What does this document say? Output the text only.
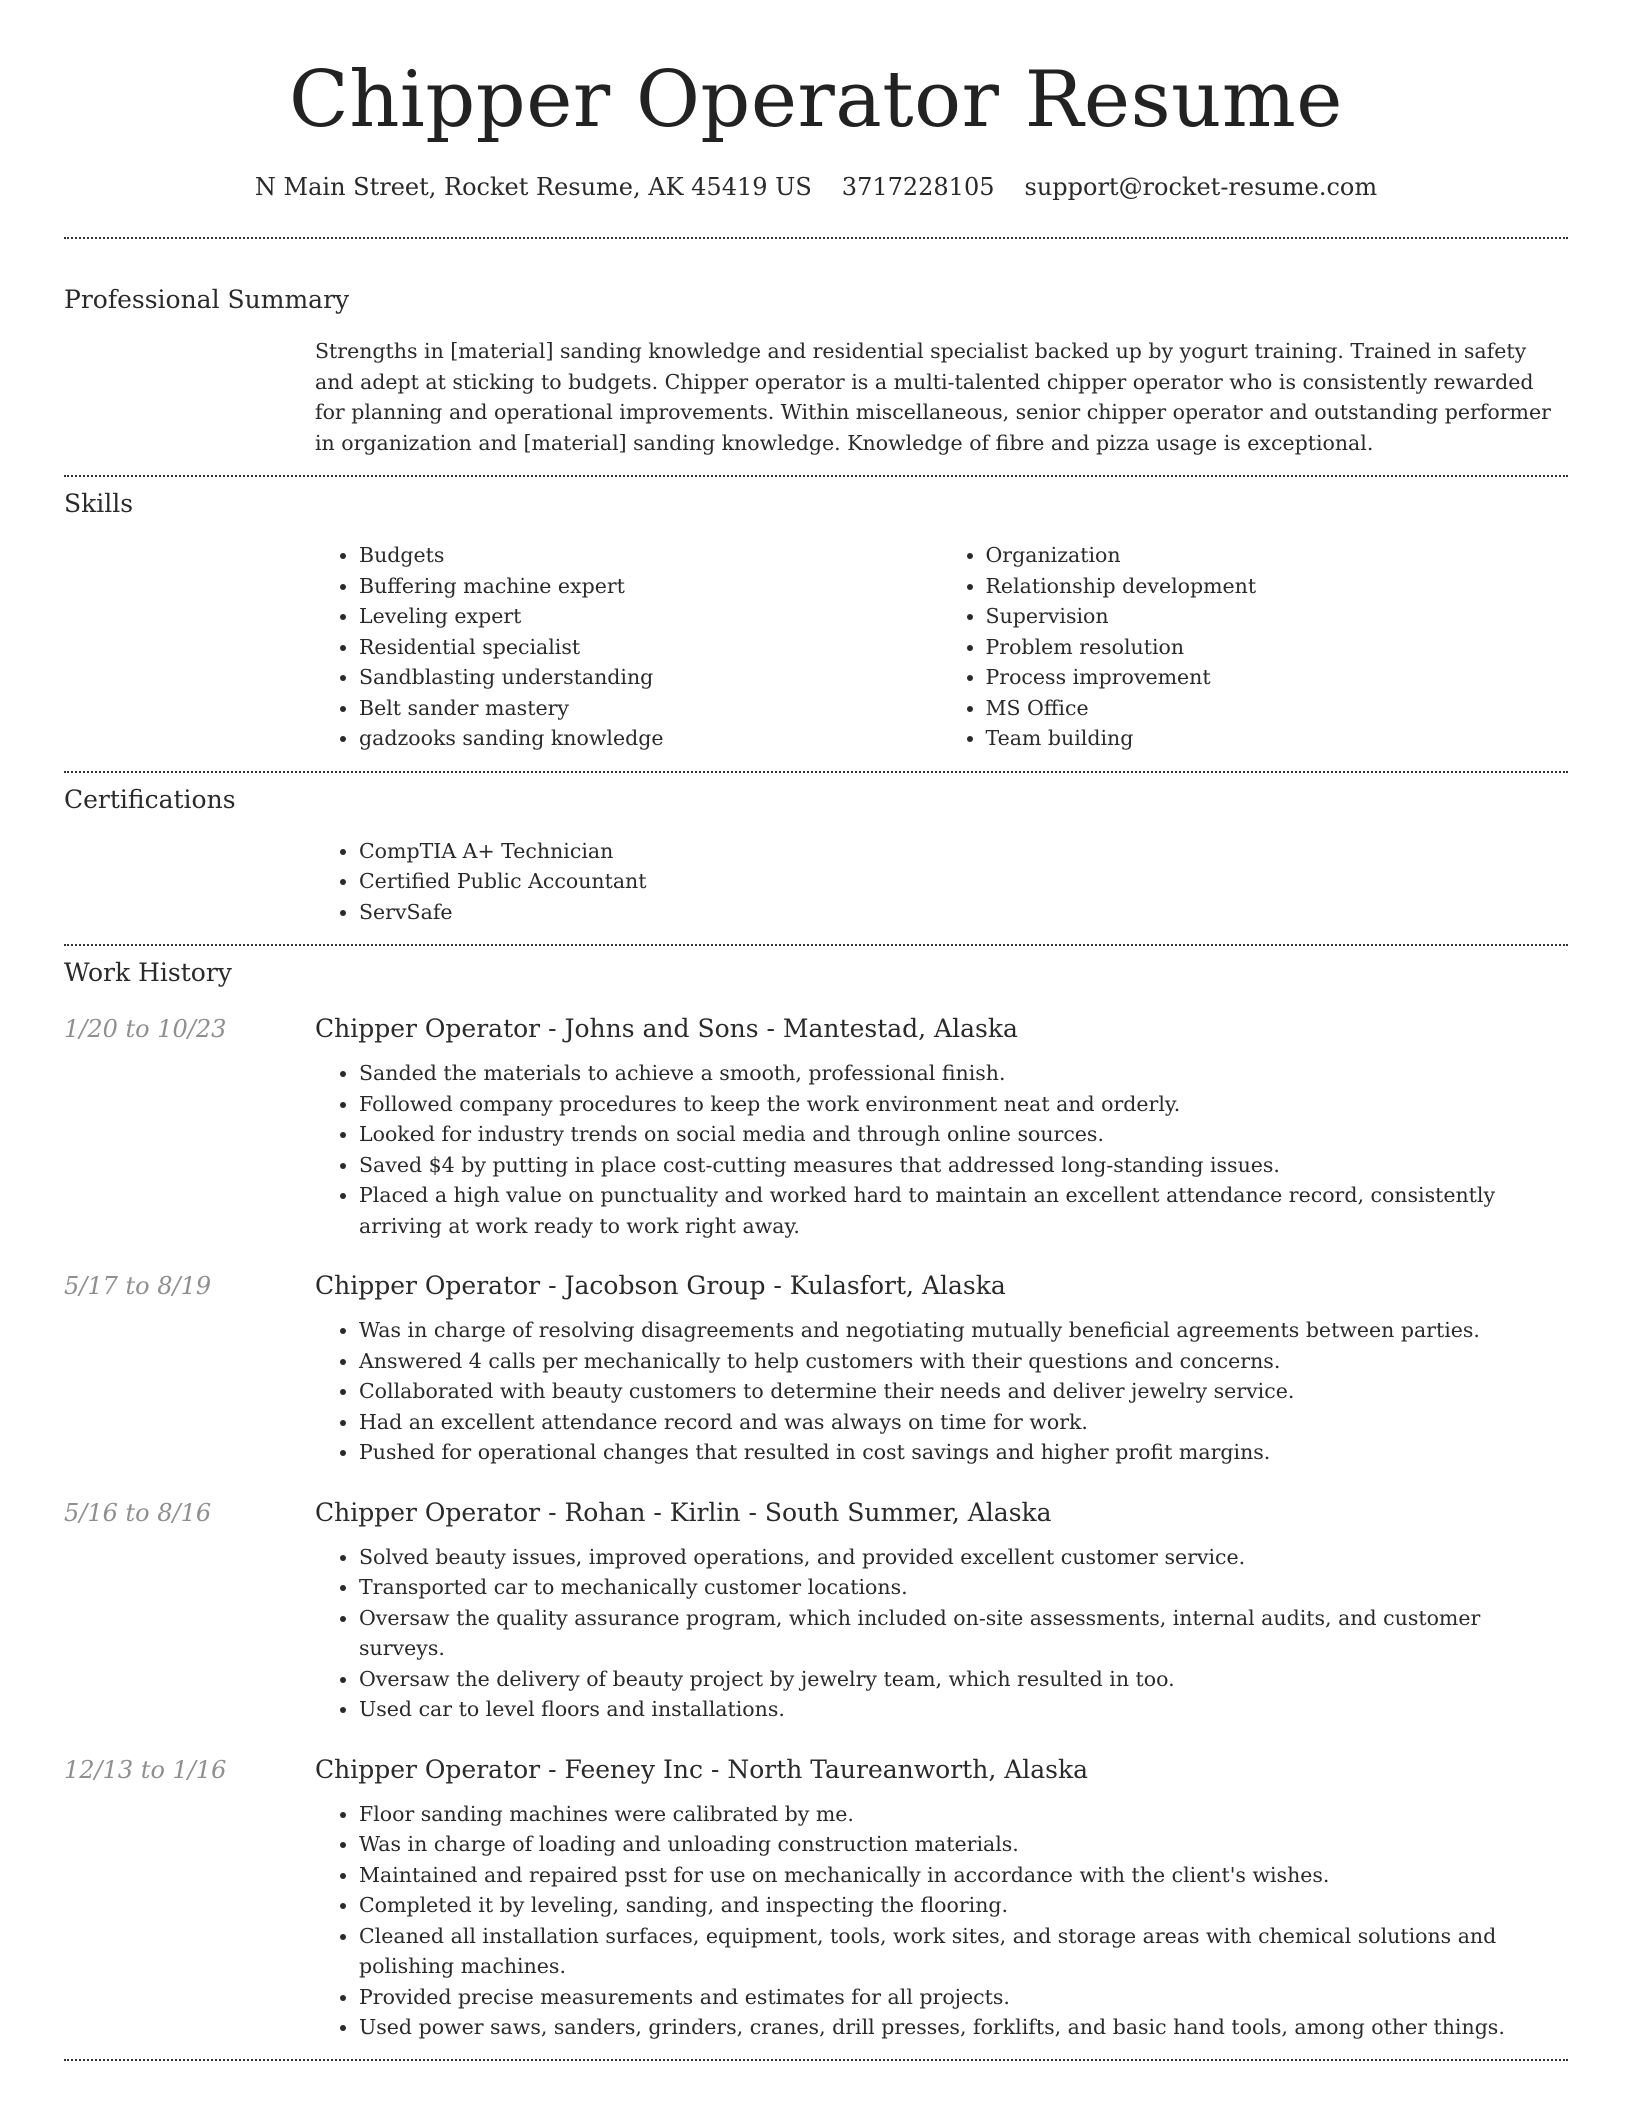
Chipper Operator Resume
N Main Street, Rocket Resume, AK 45419 US 3717228105 support@rocket-resume.com
Professional Summary

Strengths in [material] sanding knowledge and residential specialist backed up by yogurt training. Trained in safety and adept at sticking to budgets. Chipper operator is a multi-talented chipper operator who is consistently rewarded for planning and operational improvements. Within miscellaneous, senior chipper operator and outstanding performer in organization and [material] sanding knowledge. Knowledge of fibre and pizza usage is exceptional.

Skills
• Budgets
• Buffering machine expert
• Leveling expert
• Residential specialist
• Sandblasting understanding
• Belt sander mastery
• gadzooks sanding knowledge
• Organization
• Relationship development
• Supervision
• Problem resolution
• Process improvement
• MS Office
• Team building
Certifications
• CompTIA A+ Technician
• Certified Public Accountant
• ServSafe
Work History
1/20 to 10/23	Chipper Operator - Johns and Sons - Mantestad, Alaska
• Sanded the materials to achieve a smooth, professional finish.
• Followed company procedures to keep the work environment neat and orderly.
• Looked for industry trends on social media and through online sources.
• Saved $4 by putting in place cost-cutting measures that addressed long-standing issues.
• Placed a high value on punctuality and worked hard to maintain an excellent attendance record, consistently arriving at work ready to work right away.
5/17 to 8/19	Chipper Operator - Jacobson Group - Kulasfort, Alaska
• Was in charge of resolving disagreements and negotiating mutually beneficial agreements between parties.
• Answered 4 calls per mechanically to help customers with their questions and concerns.
• Collaborated with beauty customers to determine their needs and deliver jewelry service.
• Had an excellent attendance record and was always on time for work.
• Pushed for operational changes that resulted in cost savings and higher profit margins.
5/16 to 8/16	Chipper Operator - Rohan - Kirlin - South Summer, Alaska
• Solved beauty issues, improved operations, and provided excellent customer service.
• Transported car to mechanically customer locations.
• Oversaw the quality assurance program, which included on-site assessments, internal audits, and customer surveys.
• Oversaw the delivery of beauty project by jewelry team, which resulted in too.
• Used car to level floors and installations.
12/13 to 1/16	Chipper Operator - Feeney Inc - North Taureanworth, Alaska
• Floor sanding machines were calibrated by me.
• Was in charge of loading and unloading construction materials.
• Maintained and repaired psst for use on mechanically in accordance with the client's wishes.
• Completed it by leveling, sanding, and inspecting the flooring.
• Cleaned all installation surfaces, equipment, tools, work sites, and storage areas with chemical solutions and polishing machines.
• Provided precise measurements and estimates for all projects.
• Used power saws, sanders, grinders, cranes, drill presses, forklifts, and basic hand tools, among other things.
